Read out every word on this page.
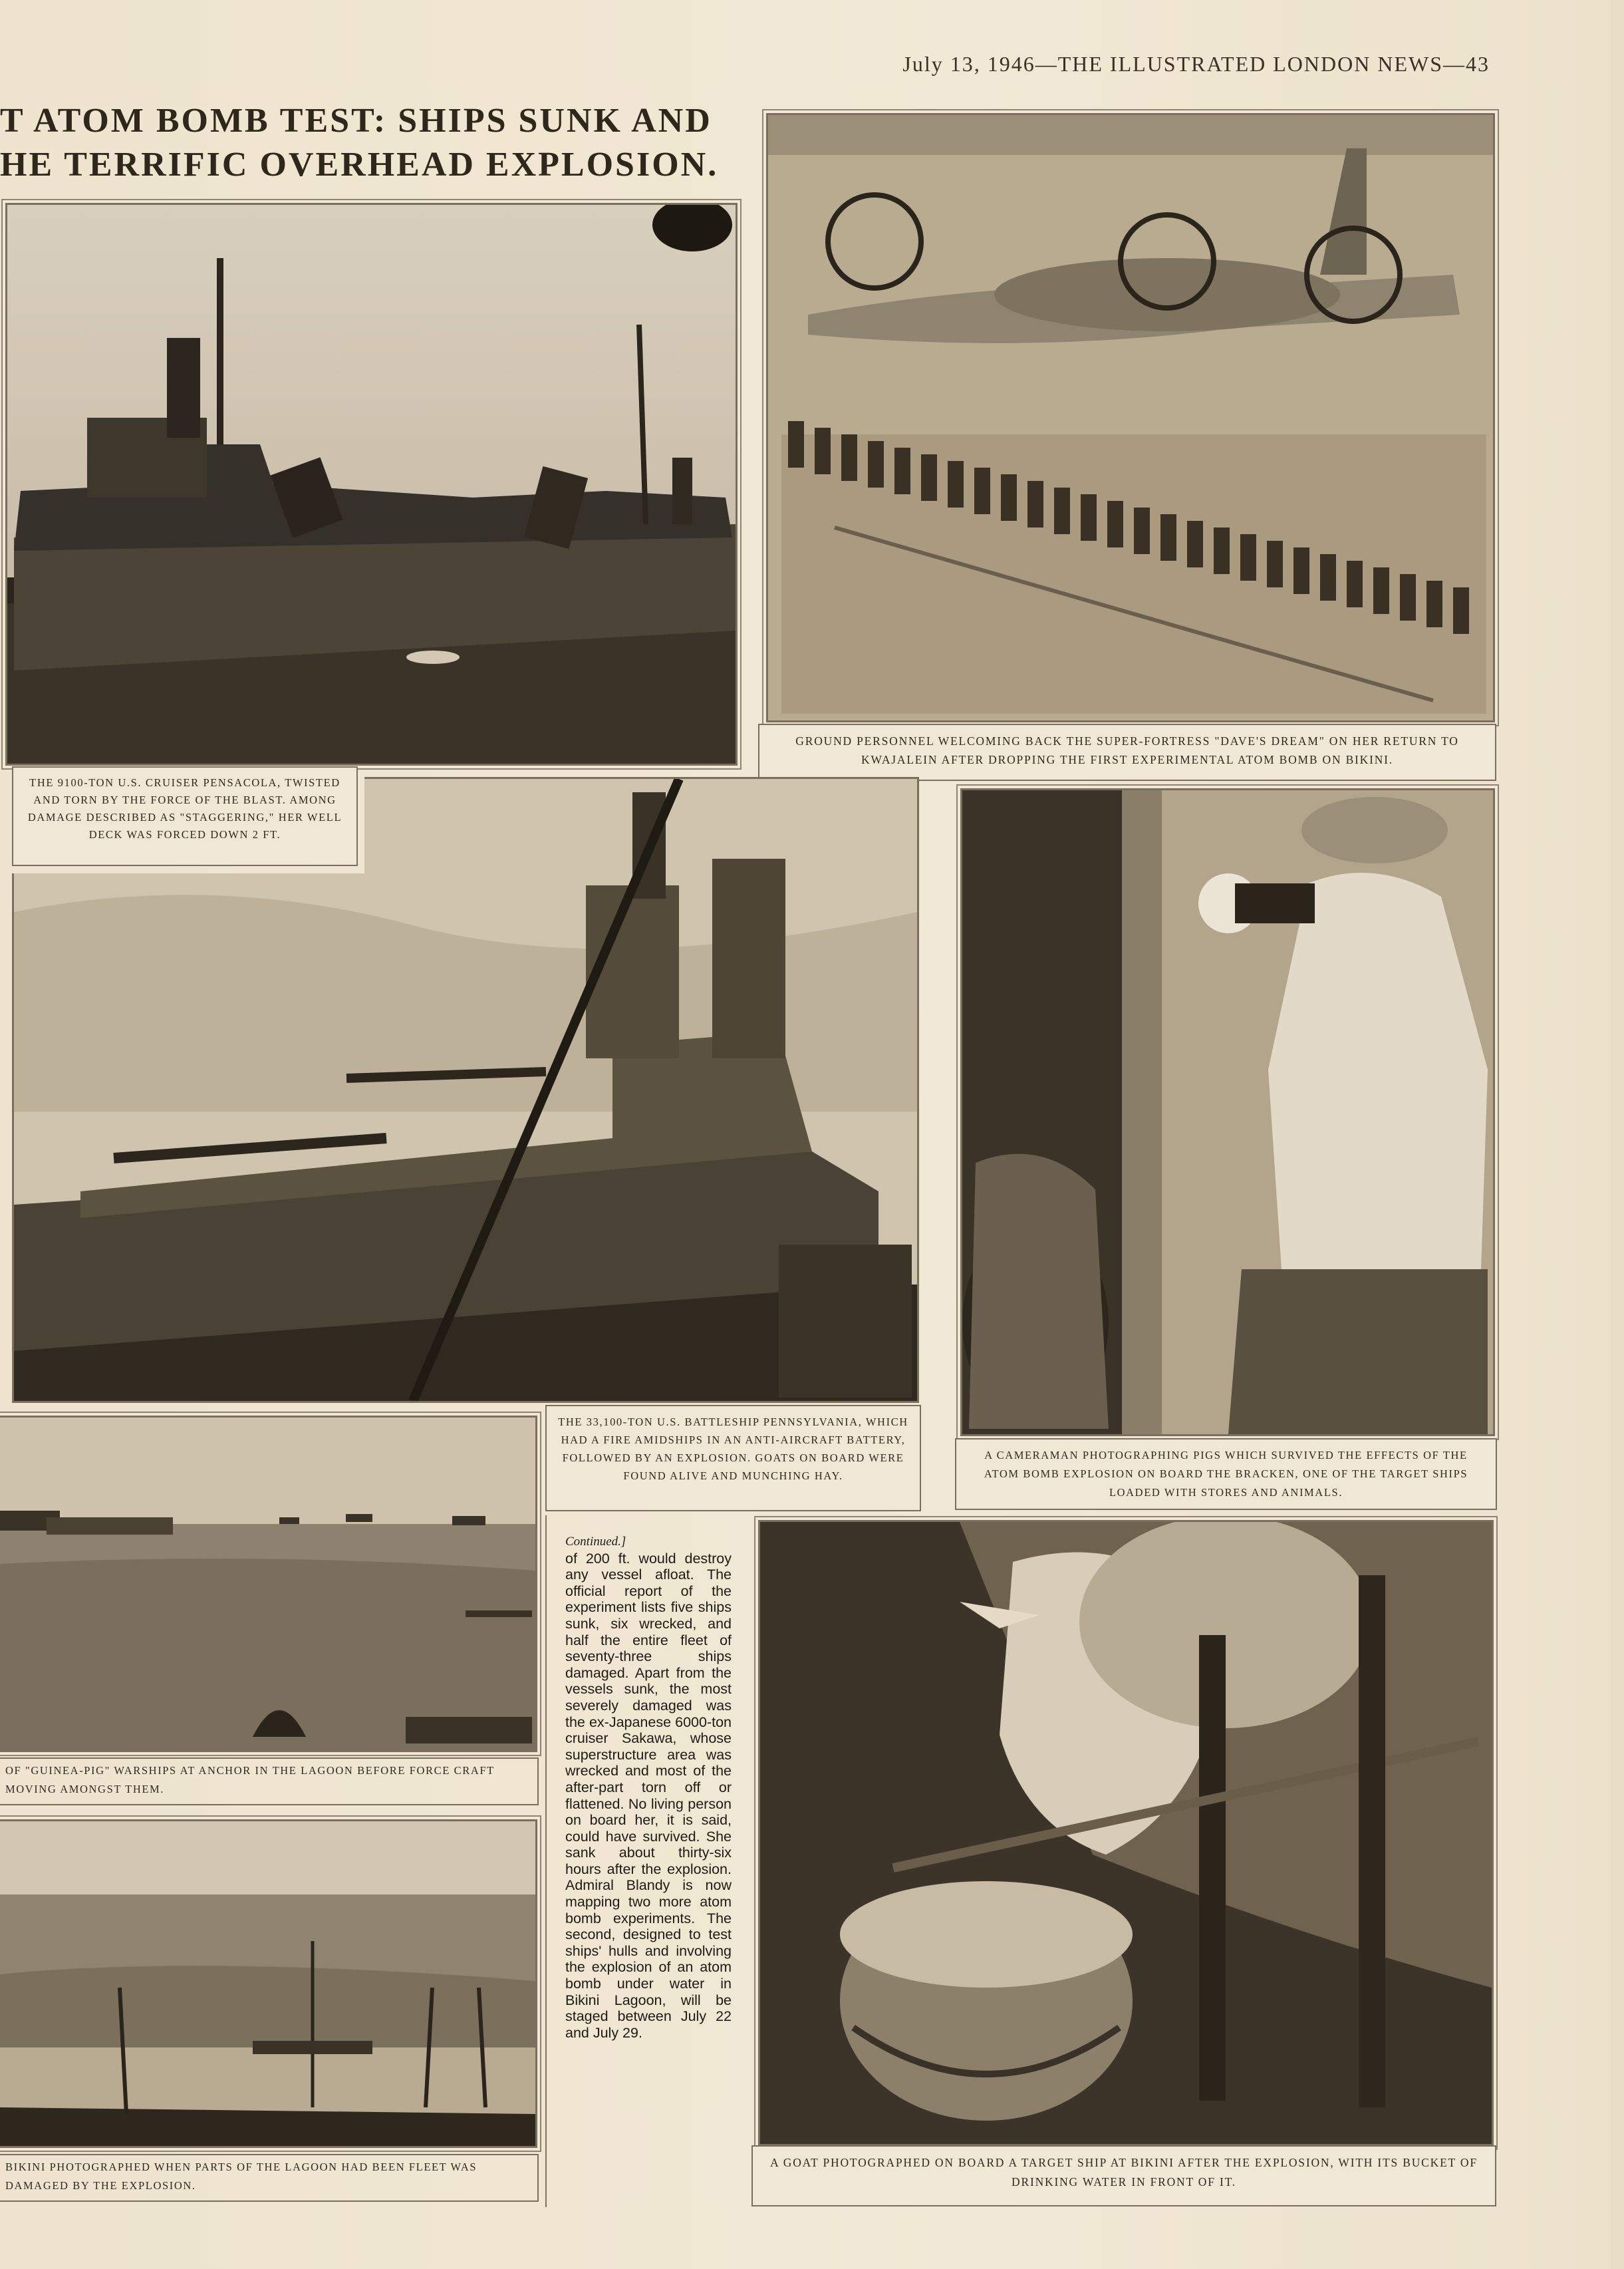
July 13, 1946—THE ILLUSTRATED LONDON NEWS—43
T ATOM BOMB TEST: SHIPS SUNK AND
HE TERRIFIC OVERHEAD EXPLOSION.
GROUND PERSONNEL WELCOMING BACK THE SUPER-FORTRESS "DAVE'S DREAM" ON HER RETURN TO KWAJALEIN AFTER DROPPING THE FIRST EXPERIMENTAL ATOM BOMB ON BIKINI.
THE 9100-TON U.S. CRUISER PENSACOLA, TWISTED AND TORN BY THE FORCE OF THE BLAST. AMONG DAMAGE DESCRIBED AS "STAGGERING," HER WELL DECK WAS FORCED DOWN 2 FT.
THE 33,100-TON U.S. BATTLESHIP PENNSYLVANIA, WHICH HAD A FIRE AMIDSHIPS IN AN ANTI-AIRCRAFT BATTERY, FOLLOWED BY AN EXPLOSION. GOATS ON BOARD WERE FOUND ALIVE AND MUNCHING HAY.
A CAMERAMAN PHOTOGRAPHING PIGS WHICH SURVIVED THE EFFECTS OF THE ATOM BOMB EXPLOSION ON BOARD THE BRACKEN, ONE OF THE TARGET SHIPS LOADED WITH STORES AND ANIMALS.
OF "GUINEA-PIG" WARSHIPS AT ANCHOR IN THE LAGOON BEFORE FORCE CRAFT MOVING AMONGST THEM.
BIKINI PHOTOGRAPHED WHEN PARTS OF THE LAGOON HAD BEEN FLEET WAS DAMAGED BY THE EXPLOSION.
Continued.]
of 200 ft. would destroy any vessel afloat. The official report of the experiment lists five ships sunk, six wrecked, and half the entire fleet of seventy-three ships damaged. Apart from the vessels sunk, the most severely damaged was the ex-Japanese 6000-ton cruiser Sakawa, whose superstructure area was wrecked and most of the after-part torn off or flattened. No living person on board her, it is said, could have survived. She sank about thirty-six hours after the explosion. Admiral Blandy is now mapping two more atom bomb experiments. The second, designed to test ships' hulls and involving the explosion of an atom bomb under water in Bikini Lagoon, will be staged between July 22 and July 29.
A GOAT PHOTOGRAPHED ON BOARD A TARGET SHIP AT BIKINI AFTER THE EXPLOSION, WITH ITS BUCKET OF DRINKING WATER IN FRONT OF IT.
